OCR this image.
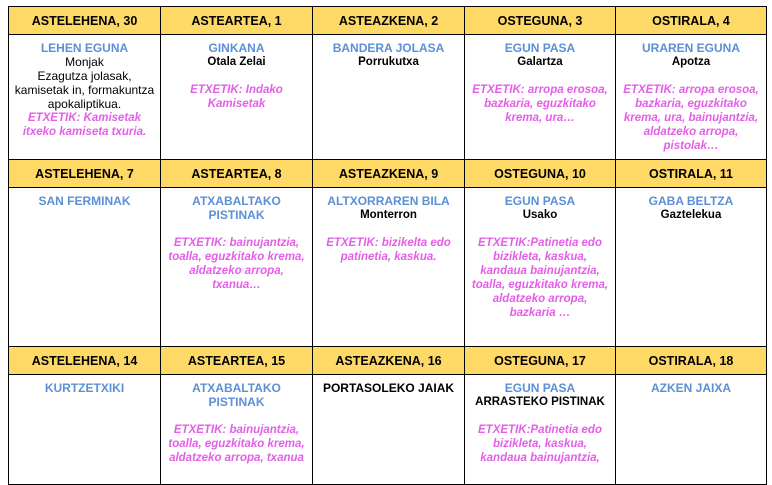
ASTELEHENA, 30	ASTEARTEA, 1	ASTEAZKENA, 2	OSTEGUNA, 3	OSTIRALA, 4

LEHEN EGUNA
Monjak
Ezagutza jolasak, kamisetak in, formakuntza apokaliptikua.
ETXETIK: Kamisetak itxeko kamiseta txuria.	GINKANA
Otala Zelai
ETXETIK: Indako Kamisetak	BANDERA JOLASA
Porrukutxa	EGUN PASA
Galartza
ETXETIK: arropa erosoa, bazkaria, eguzkitako krema, ura…	URAREN EGUNA
Apotza
ETXETIK: arropa erosoa, bazkaria, eguzkitako krema, ura, bainujantzia, aldatzeko arropa, pistolak…

ASTELEHENA, 7	ASTEARTEA, 8	ASTEAZKENA, 9	OSTEGUNA, 10	OSTIRALA, 11

SAN FERMINAK	ATXABALTAKO PISTINAK
ETXETIK: bainujantzia, toalla, eguzkitako krema, aldatzeko arropa, txanua…	ALTXORRAREN BILA
Monterron
ETXETIK: bizikelta edo patinetia, kaskua.	EGUN PASA
Usako
ETXETIK:Patinetia edo bizikleta, kaskua, kandaua bainujantzia, toalla, eguzkitako krema, aldatzeko arropa, bazkaria …	GABA BELTZA
Gaztelekua

ASTELEHENA, 14	ASTEARTEA, 15	ASTEAZKENA, 16	OSTEGUNA, 17	OSTIRALA, 18

KURTZETXIKI	ATXABALTAKO PISTINAK
ETXETIK: bainujantzia, toalla, eguzkitako krema, aldatzeko arropa, txanua	PORTASOLEKO JAIAK	EGUN PASA
ARRASTEKO PISTINAK
ETXETIK:Patinetia edo bizikleta, kaskua, kandaua bainujantzia,	AZKEN JAIXA
